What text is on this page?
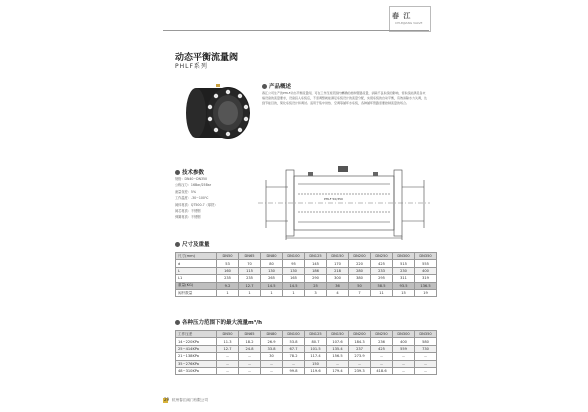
春 江
CHUNJIANG VALVE
动态平衡流量阀
PHLF系列
产品概述
春江公司生产的PHLF动态平衡流量阀，可在工作压差范围内精确的控制管路流量，消除不良系统的影响，使系统能满足各末端设备的流量要求，设备投入系统后，不需调整就能满足系统设计的流量分配，实现系统的自动平衡，有效消除水力失调，达到节能目的，简化系统设计和调试。适用于集中供热、空调等循环水系统，各种循环管路需要控制流量的场合。
技术参数
规格：DN40~DN350
公称压力：16Bar/25Bar
流量误差：5%
工作温度：-30~100℃
阀体材质：QT500-7（球铁）
阀芯材质：不锈钢
弹簧材质：不锈钢
PHLF 50/350
尺寸及重量
尺寸(mm)	DN50	DN65	DN80	DN100	DN125	DN150	DN200	DN250	DN300	DN350
d	53	70	80	95	145	170	220	425	515	555
L	160	115	130	130	186	218	280	233	230	400
L1	235	235	265	165	290	300	380	295	311	319
重量(KG)	9.2	12.7	14.5	14.5	25	36	50	58.5	93.5	136.5
阀杆数量	1	1	1	1	3	4	7	11	15	19
各种压力范围下的最大流量m³/h
工作压差	DN50	DN65	DN80	DN100	DN125	DN150	DN200	DN250	DN300	DN350
14~220KPa	11.3	18.2	26.9	53.8	80.7	107.6	184.3	236	400	580
25~414KPa	12.7	24.8	33.8	67.7	101.5	135.4	237	425	559	730
21~138KPa	--	--	30	78.2	117.4	156.5	273.9	--	--	--
35~276KPa	--	--	--	--	150	--	--	--	--	--
48~310KPa	--	--	--	99.8	119.6	179.4	239.3	418.6	--	--
29 杭州春江阀门有限公司
